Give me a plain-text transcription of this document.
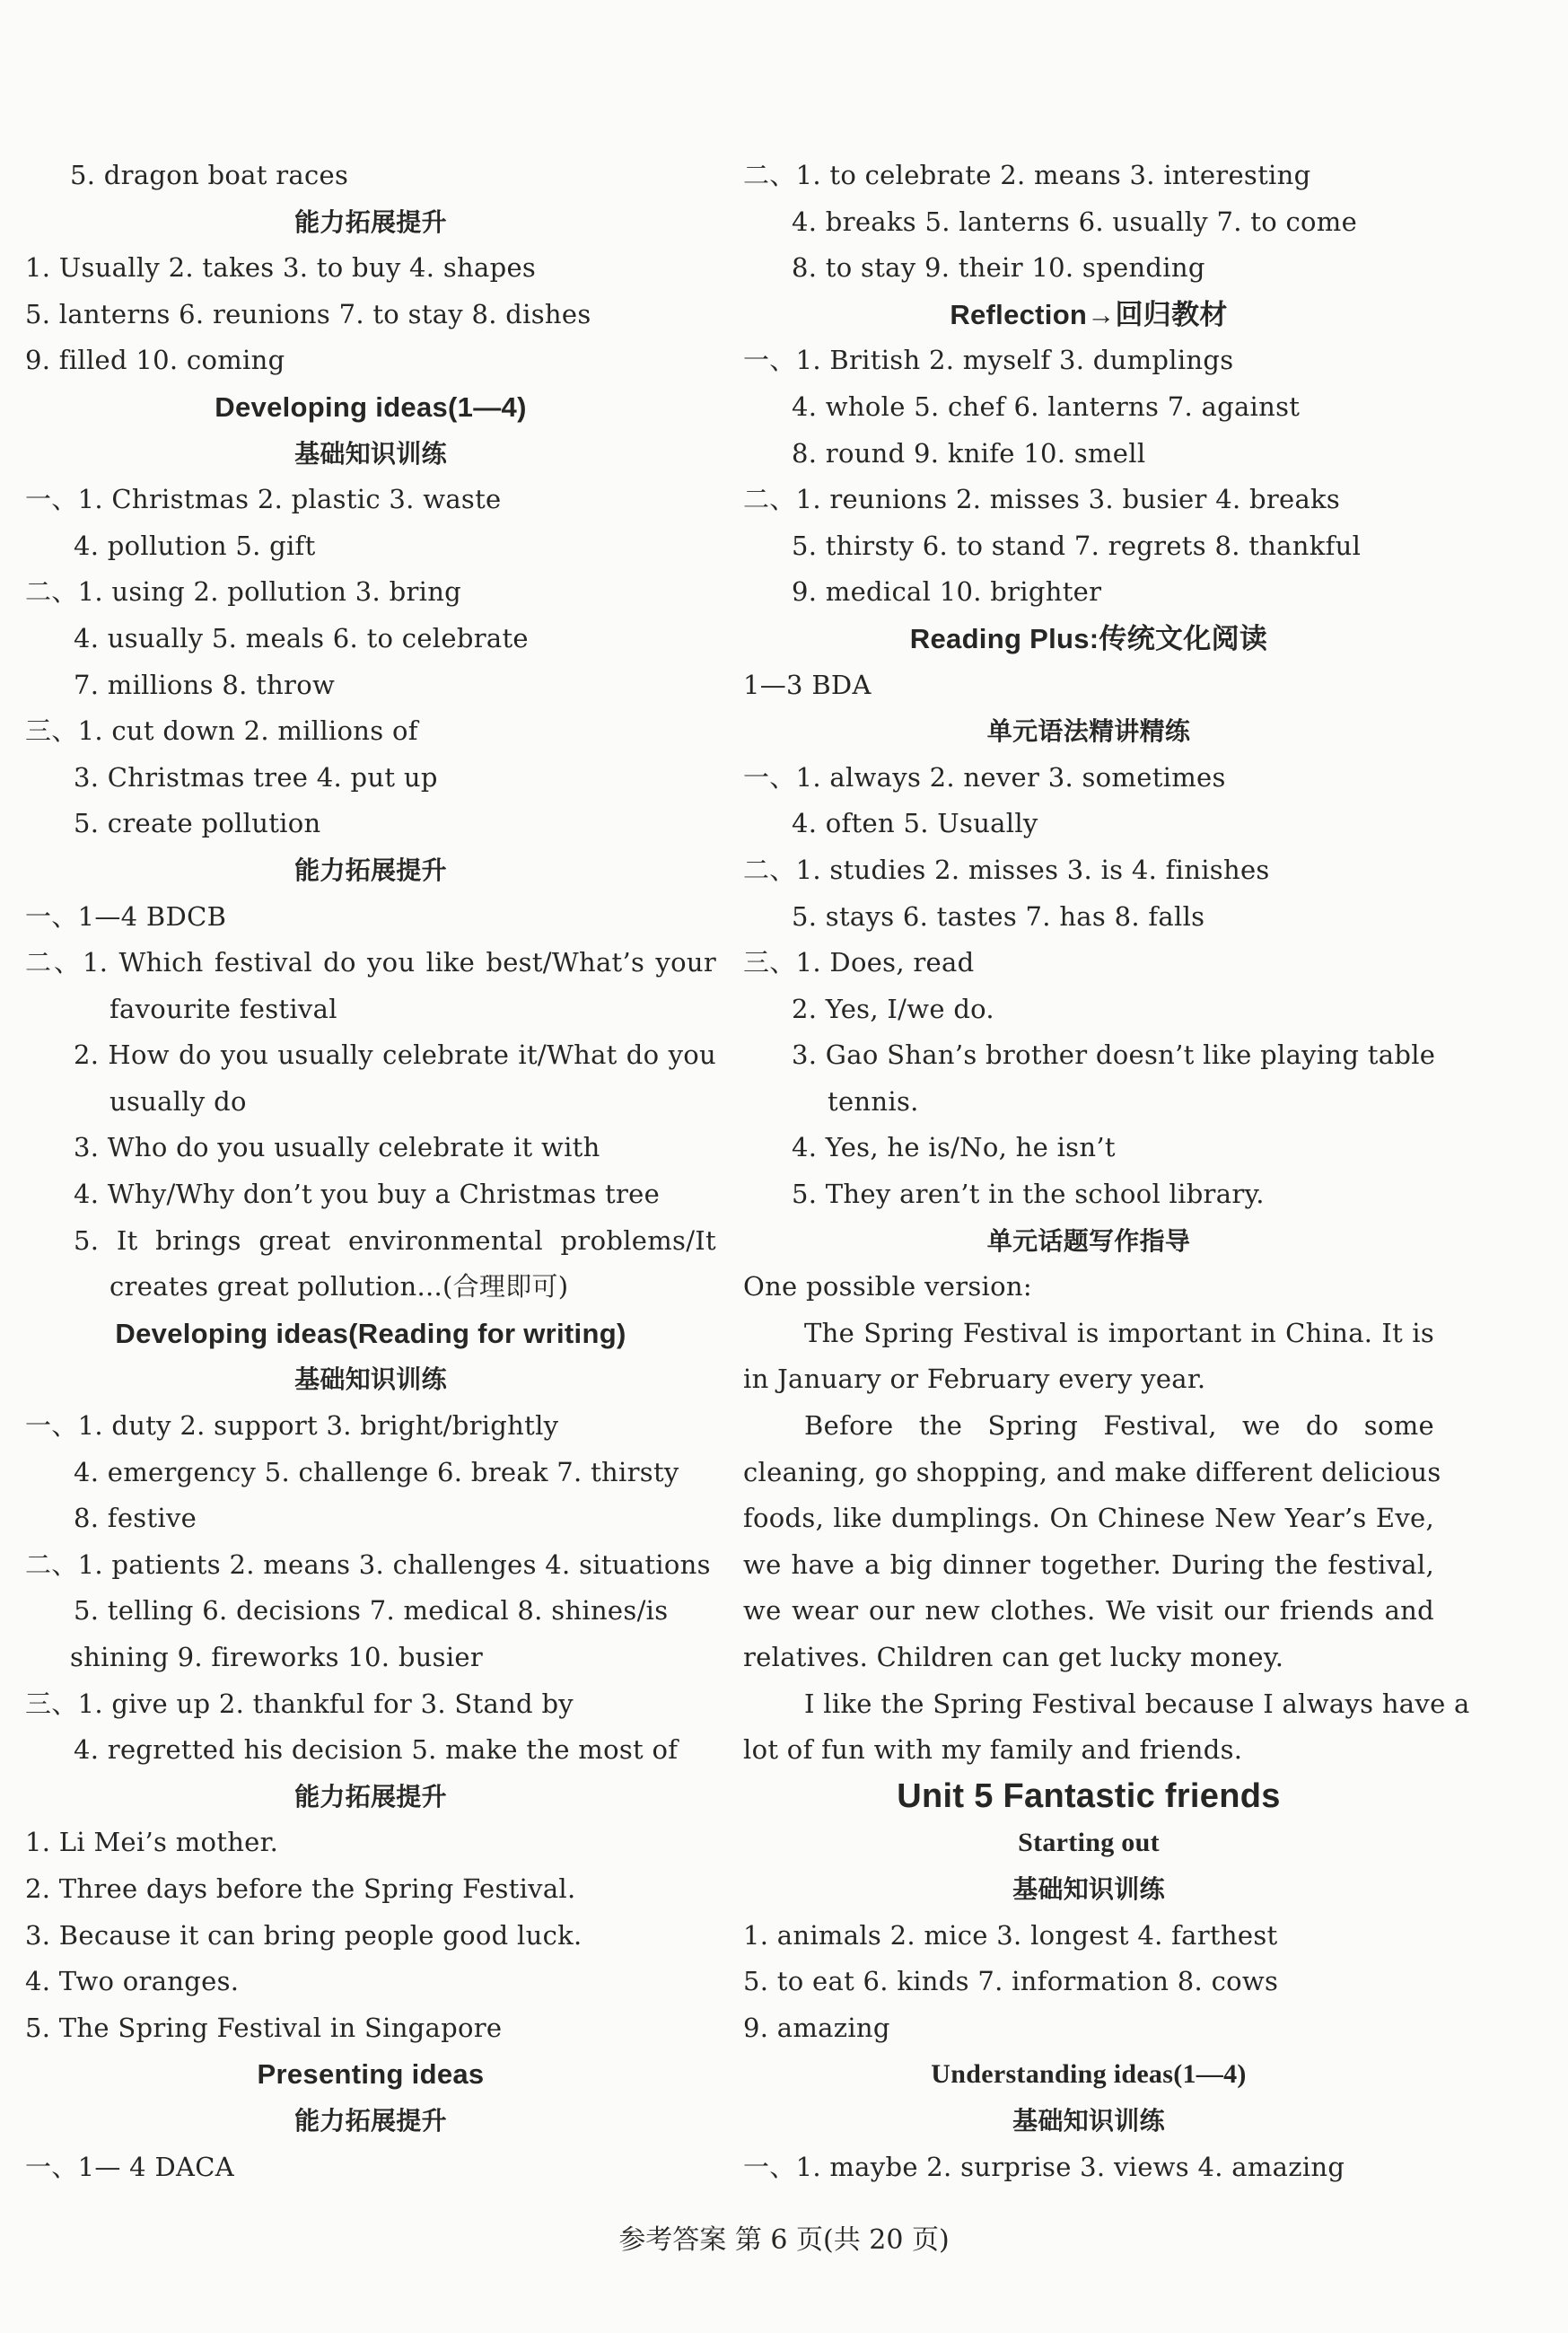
5. dragon boat races
能力拓展提升
1. Usually 2. takes 3. to buy 4. shapes
5. lanterns 6. reunions 7. to stay 8. dishes
9. filled 10. coming
Developing ideas(1—4)
基础知识训练
一、1. Christmas 2. plastic 3. waste
4. pollution 5. gift
二、1. using 2. pollution 3. bring
4. usually 5. meals 6. to celebrate
7. millions 8. throw
三、1. cut down 2. millions of
3. Christmas tree 4. put up
5. create pollution
能力拓展提升
一、1—4 BDCB
二、1. Which festival do you like best/What’s your
favourite festival
2. How do you usually celebrate it/What do you
usually do
3. Who do you usually celebrate it with
4. Why/Why don’t you buy a Christmas tree
5. It brings great environmental problems/It
creates great pollution...(合理即可)
Developing ideas(Reading for writing)
基础知识训练
一、1. duty 2. support 3. bright/brightly
4. emergency 5. challenge 6. break 7. thirsty
8. festive
二、1. patients 2. means 3. challenges 4. situations
5. telling 6. decisions 7. medical 8. shines/is
shining 9. fireworks 10. busier
三、1. give up 2. thankful for 3. Stand by
4. regretted his decision 5. make the most of
能力拓展提升
1. Li Mei’s mother.
2. Three days before the Spring Festival.
3. Because it can bring people good luck.
4. Two oranges.
5. The Spring Festival in Singapore
Presenting ideas
能力拓展提升
一、1— 4 DACA
二、1. to celebrate 2. means 3. interesting
4. breaks 5. lanterns 6. usually 7. to come
8. to stay 9. their 10. spending
Reflection→回归教材
一、1. British 2. myself 3. dumplings
4. whole 5. chef 6. lanterns 7. against
8. round 9. knife 10. smell
二、1. reunions 2. misses 3. busier 4. breaks
5. thirsty 6. to stand 7. regrets 8. thankful
9. medical 10. brighter
Reading Plus:传统文化阅读
1—3 BDA
单元语法精讲精练
一、1. always 2. never 3. sometimes
4. often 5. Usually
二、1. studies 2. misses 3. is 4. finishes
5. stays 6. tastes 7. has 8. falls
三、1. Does, read
2. Yes, I/we do.
3. Gao Shan’s brother doesn’t like playing table
tennis.
4. Yes, he is/No, he isn’t
5. They aren’t in the school library.
单元话题写作指导
One possible version:
The Spring Festival is important in China. It is
in January or February every year.
Before the Spring Festival, we do some
cleaning, go shopping, and make different delicious
foods, like dumplings. On Chinese New Year’s Eve,
we have a big dinner together. During the festival,
we wear our new clothes. We visit our friends and
relatives. Children can get lucky money.
I like the Spring Festival because I always have a
lot of fun with my family and friends.
Unit 5 Fantastic friends
Starting out
基础知识训练
1. animals 2. mice 3. longest 4. farthest
5. to eat 6. kinds 7. information 8. cows
9. amazing
Understanding ideas(1—4)
基础知识训练
一、1. maybe 2. surprise 3. views 4. amazing
参考答案 第 6 页(共 20 页)
